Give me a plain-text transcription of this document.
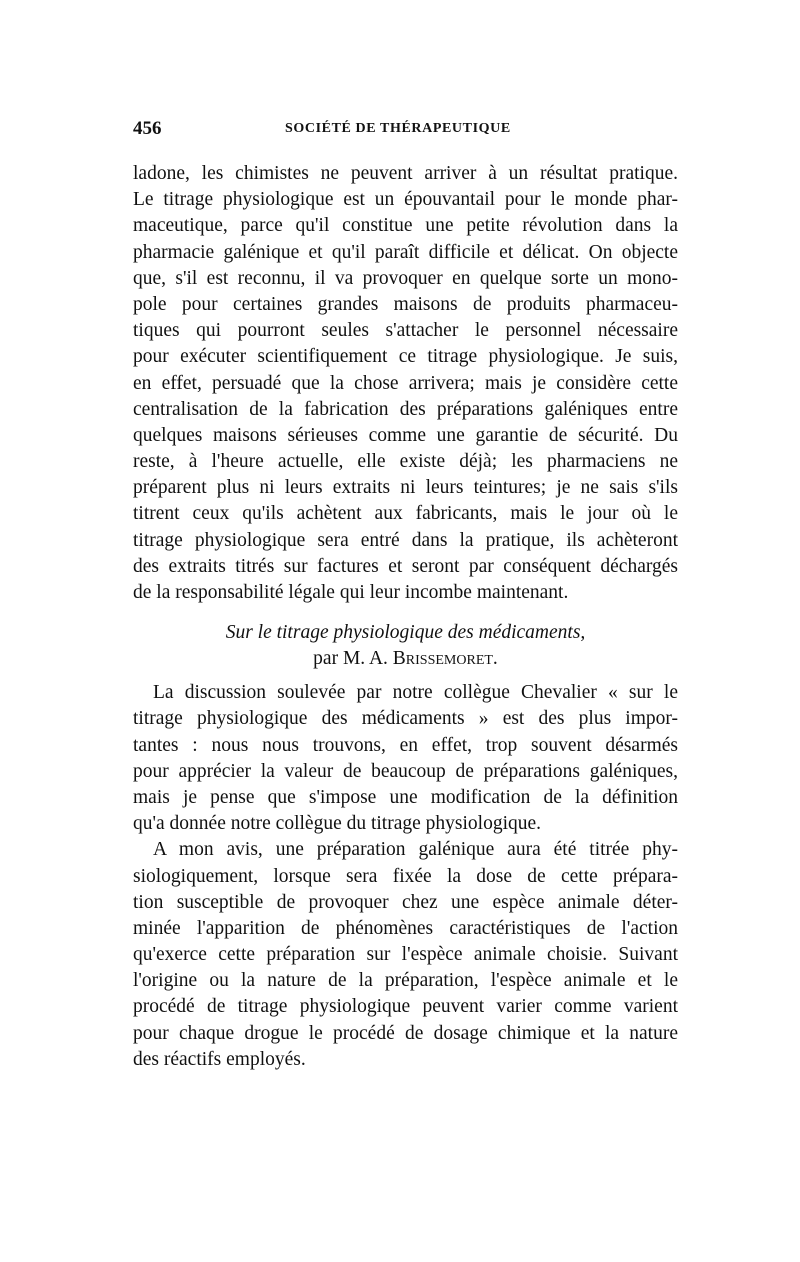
456	SOCIÉTÉ DE THÉRAPEUTIQUE
ladone, les chimistes ne peuvent arriver à un résultat pratique.
Le titrage physiologique est un épouvantail pour le monde phar-
maceutique, parce qu'il constitue une petite révolution dans la
pharmacie galénique et qu'il paraît difficile et délicat. On objecte
que, s'il est reconnu, il va provoquer en quelque sorte un mono-
pole pour certaines grandes maisons de produits pharmaceu-
tiques qui pourront seules s'attacher le personnel nécessaire
pour exécuter scientifiquement ce titrage physiologique. Je suis,
en effet, persuadé que la chose arrivera; mais je considère cette
centralisation de la fabrication des préparations galéniques entre
quelques maisons sérieuses comme une garantie de sécurité. Du
reste, à l'heure actuelle, elle existe déjà; les pharmaciens ne
préparent plus ni leurs extraits ni leurs teintures; je ne sais s'ils
titrent ceux qu'ils achètent aux fabricants, mais le jour où le
titrage physiologique sera entré dans la pratique, ils achèteront
des extraits titrés sur factures et seront par conséquent déchargés
de la responsabilité légale qui leur incombe maintenant.
Sur le titrage physiologique des médicaments,
par M. A. Brissemoret.
La discussion soulevée par notre collègue Chevalier « sur le
titrage physiologique des médicaments » est des plus impor-
tantes : nous nous trouvons, en effet, trop souvent désarmés
pour apprécier la valeur de beaucoup de préparations galéniques,
mais je pense que s'impose une modification de la définition
qu'a donnée notre collègue du titrage physiologique.
A mon avis, une préparation galénique aura été titrée phy-
siologiquement, lorsque sera fixée la dose de cette prépara-
tion susceptible de provoquer chez une espèce animale déter-
minée l'apparition de phénomènes caractéristiques de l'action
qu'exerce cette préparation sur l'espèce animale choisie. Suivant
l'origine ou la nature de la préparation, l'espèce animale et le
procédé de titrage physiologique peuvent varier comme varient
pour chaque drogue le procédé de dosage chimique et la nature
des réactifs employés.
